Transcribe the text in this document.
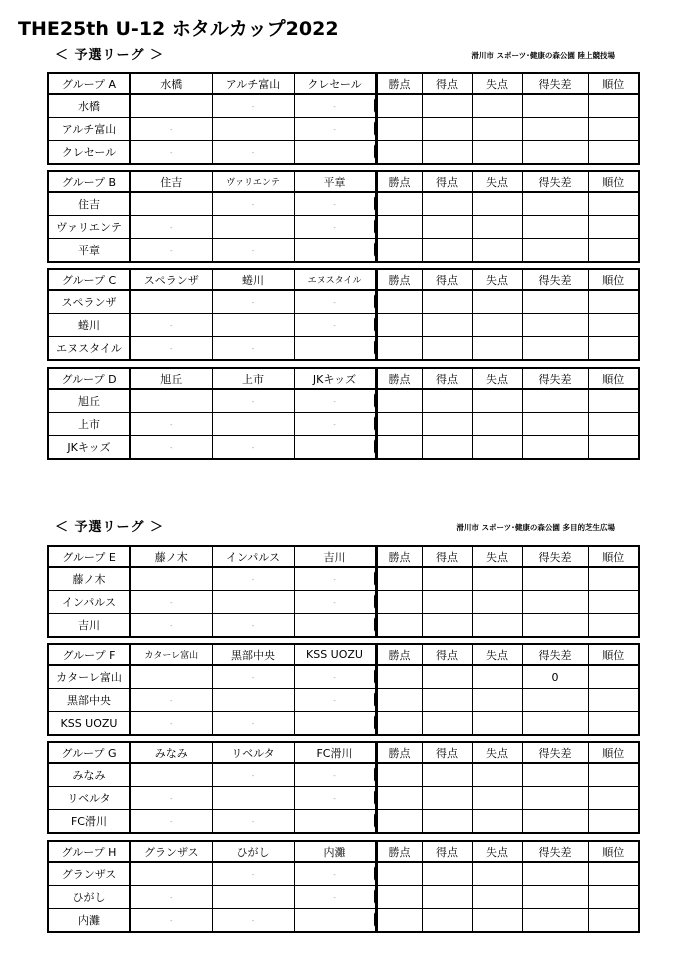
THE25th U-12 ホタルカップ2022
＜ 予選リーグ ＞	滑川市 スポーツ･健康の森公園 陸上競技場
グループ A	水橋	アルチ富山	クレセール	勝点	得点	失点	得失差	順位
水橋		-	-					

アルチ富山	-		-					

クレセール	-	-						

グループ B	住吉	ヴァリエンテ	平章	勝点	得点	失点	得失差	順位
住吉		-	-					

ヴァリエンテ	-		-					

平章	-	-						

グループ C	スペランザ	蜷川	エヌスタイル	勝点	得点	失点	得失差	順位
スペランザ		-	-					

蜷川	-		-					

エヌスタイル	-	-						

グループ D	旭丘	上市	JKキッズ	勝点	得点	失点	得失差	順位
旭丘		-	-					

上市	-		-					

JKキッズ	-	-						

＜ 予選リーグ ＞	滑川市 スポーツ･健康の森公園 多目的芝生広場
グループ E	藤ノ木	インパルス	吉川	勝点	得点	失点	得失差	順位
藤ノ木		-	-					

インパルス	-		-					

吉川	-	-						

グループ F	カターレ富山	黒部中央	KSS UOZU	勝点	得点	失点	得失差	順位
カターレ富山		-	-				0	
黒部中央	-		-					

KSS UOZU	-	-						

グループ G	みなみ	リベルタ	FC滑川	勝点	得点	失点	得失差	順位
みなみ		-	-					

リベルタ	-		-					

FC滑川	-	-						

グループ H	グランザス	ひがし	内灘	勝点	得点	失点	得失差	順位
グランザス		-	-					

ひがし	-		-					

内灘	-	-						
